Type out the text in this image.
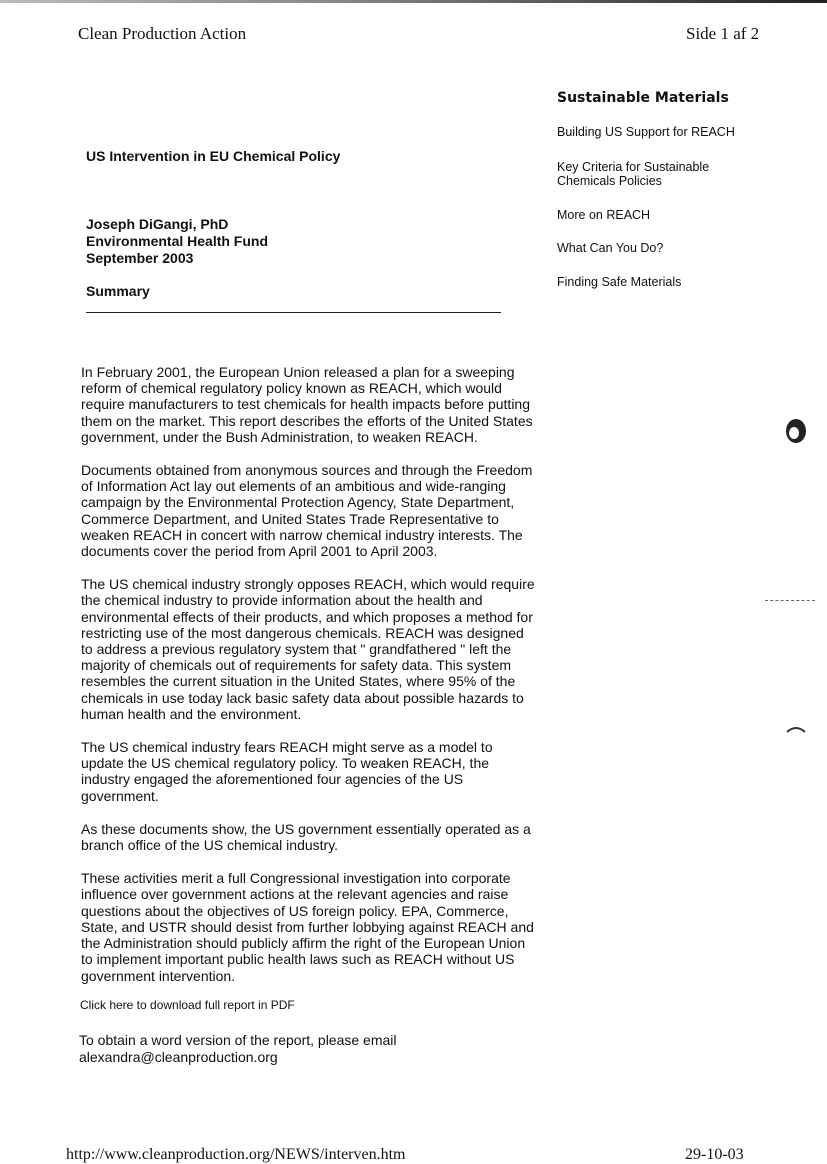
Clean Production Action	Side 1 af 2
US Intervention in EU Chemical Policy
Joseph DiGangi, PhD
Environmental Health Fund
September 2003
Summary

In February 2001, the European Union released a plan for a sweeping reform of chemical regulatory policy known as REACH, which would require manufacturers to test chemicals for health impacts before putting them on the market. This report describes the efforts of the United States government, under the Bush Administration, to weaken REACH.

Documents obtained from anonymous sources and through the Freedom of Information Act lay out elements of an ambitious and wide-ranging campaign by the Environmental Protection Agency, State Department, Commerce Department, and United States Trade Representative to weaken REACH in concert with narrow chemical industry interests. The documents cover the period from April 2001 to April 2003.

The US chemical industry strongly opposes REACH, which would require the chemical industry to provide information about the health and environmental effects of their products, and which proposes a method for restricting use of the most dangerous chemicals. REACH was designed to address a previous regulatory system that " grandfathered " left the majority of chemicals out of requirements for safety data. This system resembles the current situation in the United States, where 95% of the chemicals in use today lack basic safety data about possible hazards to human health and the environment.

The US chemical industry fears REACH might serve as a model to update the US chemical regulatory policy. To weaken REACH, the industry engaged the aforementioned four agencies of the US government.

As these documents show, the US government essentially operated as a branch office of the US chemical industry.

These activities merit a full Congressional investigation into corporate influence over government actions at the relevant agencies and raise questions about the objectives of US foreign policy. EPA, Commerce, State, and USTR should desist from further lobbying against REACH and the Administration should publicly affirm the right of the European Union to implement important public health laws such as REACH without US government intervention.

Click here to download full report in PDF
To obtain a word version of the report, please email
alexandra@cleanproduction.org
Sustainable Materials
Building US Support for REACH
Key Criteria for Sustainable Chemicals Policies
More on REACH
What Can You Do?
Finding Safe Materials
http://www.cleanproduction.org/NEWS/interven.htm	29-10-03
